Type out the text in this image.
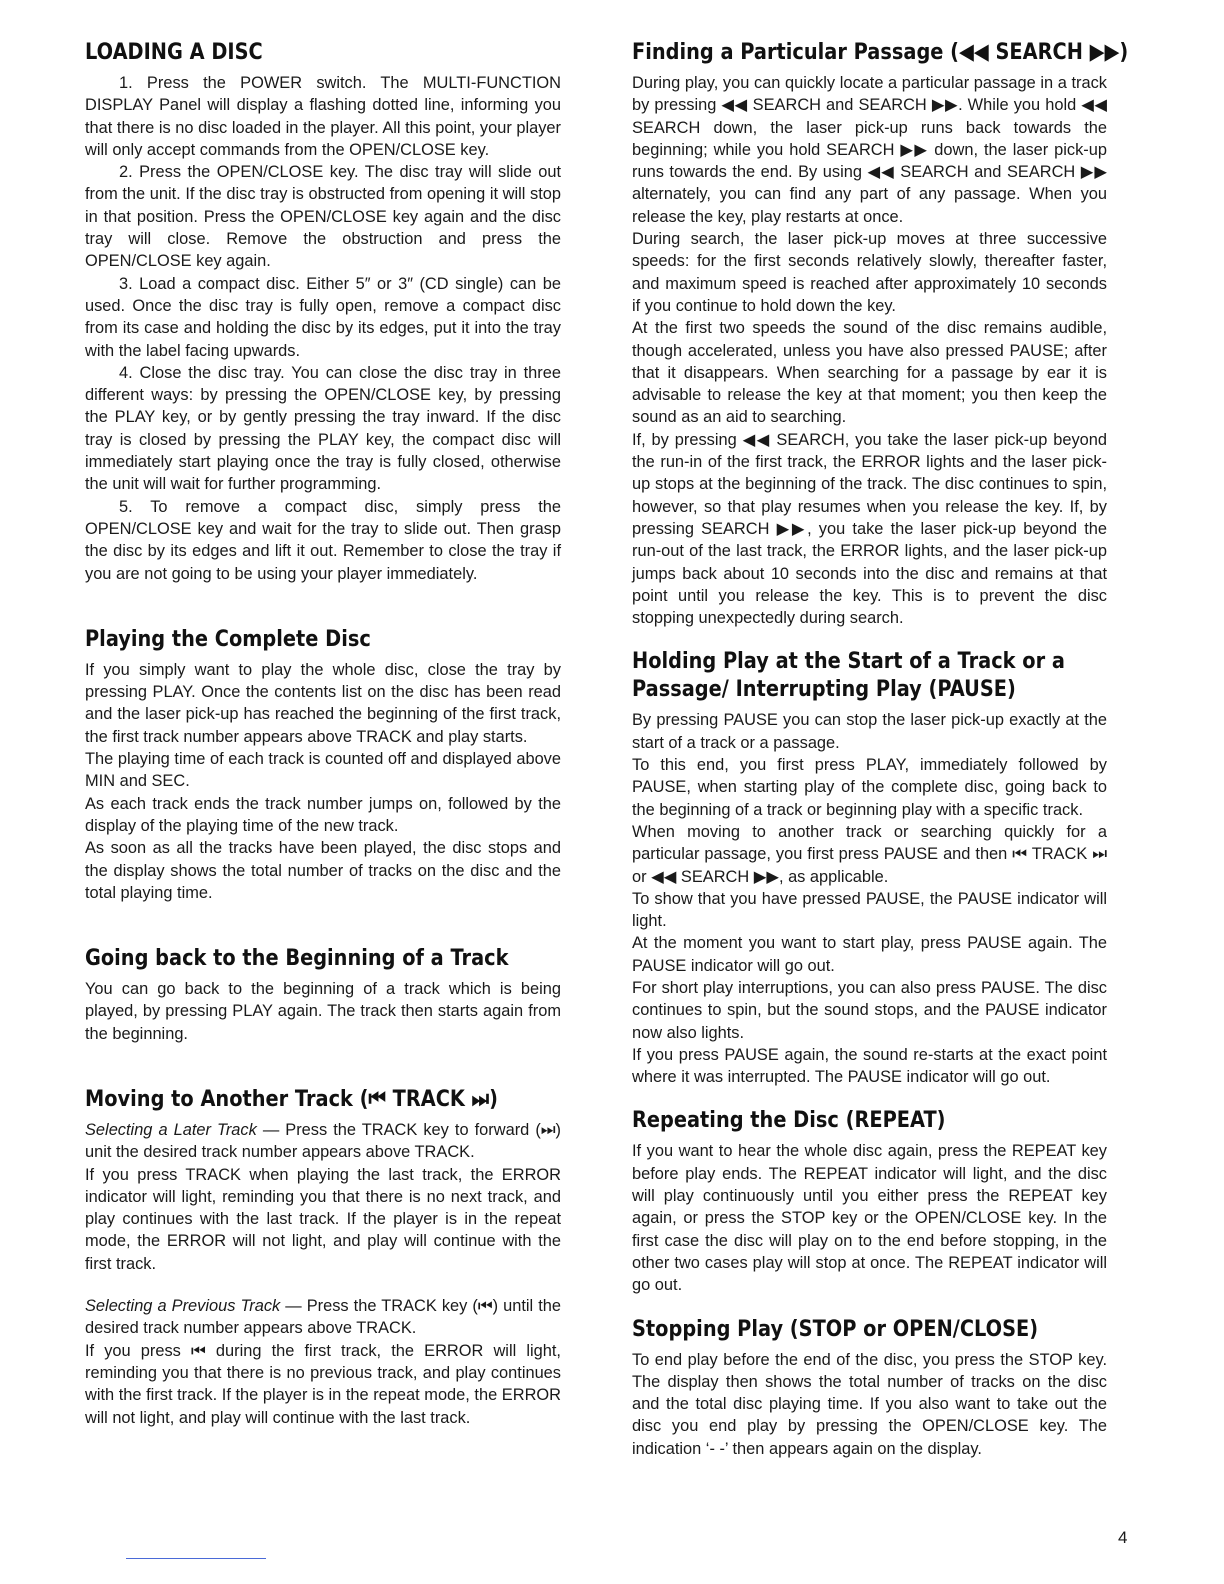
LOADING A DISC

1. Press the POWER switch. The MULTI-FUNCTION DISPLAY Panel will display a flashing dotted line, informing you that there is no disc loaded in the player. All this point, your player will only accept commands from the OPEN/CLOSE key.

2. Press the OPEN/CLOSE key. The disc tray will slide out from the unit. If the disc tray is obstructed from opening it will stop in that position. Press the OPEN/CLOSE key again and the disc tray will close. Remove the obstruction and press the OPEN/CLOSE key again.

3. Load a compact disc. Either 5″ or 3″ (CD single) can be used. Once the disc tray is fully open, remove a compact disc from its case and holding the disc by its edges, put it into the tray with the label facing upwards.

4. Close the disc tray. You can close the disc tray in three different ways: by pressing the OPEN/CLOSE key, by pressing the PLAY key, or by gently pressing the tray inward. If the disc tray is closed by pressing the PLAY key, the compact disc will immediately start playing once the tray is fully closed, otherwise the unit will wait for further programming.

5. To remove a compact disc, simply press the OPEN/CLOSE key and wait for the tray to slide out. Then grasp the disc by its edges and lift it out. Remember to close the tray if you are not going to be using your player immediately.

Playing the Complete Disc

If you simply want to play the whole disc, close the tray by pressing PLAY. Once the contents list on the disc has been read and the laser pick-up has reached the beginning of the first track, the first track number appears above TRACK and play starts.

The playing time of each track is counted off and displayed above MIN and SEC.

As each track ends the track number jumps on, followed by the display of the playing time of the new track.

As soon as all the tracks have been played, the disc stops and the display shows the total number of tracks on the disc and the total playing time.

Going back to the Beginning of a Track

You can go back to the beginning of a track which is being played, by pressing PLAY again. The track then starts again from the beginning.

Moving to Another Track (⏮ TRACK ⏭)

Selecting a Later Track — Press the TRACK key to forward (⏭) unit the desired track number appears above TRACK.

If you press TRACK when playing the last track, the ERROR indicator will light, reminding you that there is no next track, and play continues with the last track. If the player is in the repeat mode, the ERROR will not light, and play will continue with the first track.

Selecting a Previous Track — Press the TRACK key (⏮) until the desired track number appears above TRACK.

If you press ⏮ during the first track, the ERROR will light, reminding you that there is no previous track, and play continues with the first track. If the player is in the repeat mode, the ERROR will not light, and play will continue with the last track.

Finding a Particular Passage (◀◀ SEARCH ▶▶)

During play, you can quickly locate a particular passage in a track by pressing ◀◀ SEARCH and SEARCH ▶▶. While you hold ◀◀ SEARCH down, the laser pick-up runs back towards the beginning; while you hold SEARCH ▶▶ down, the laser pick-up runs towards the end. By using ◀◀ SEARCH and SEARCH ▶▶ alternately, you can find any part of any passage. When you release the key, play restarts at once.

During search, the laser pick-up moves at three successive speeds: for the first seconds relatively slowly, thereafter faster, and maximum speed is reached after approximately 10 seconds if you continue to hold down the key.

At the first two speeds the sound of the disc remains audible, though accelerated, unless you have also pressed PAUSE; after that it disappears. When searching for a passage by ear it is advisable to release the key at that moment; you then keep the sound as an aid to searching.

If, by pressing ◀◀ SEARCH, you take the laser pick-up beyond the run-in of the first track, the ERROR lights and the laser pick-up stops at the beginning of the track. The disc continues to spin, however, so that play resumes when you release the key. If, by pressing SEARCH ▶▶, you take the laser pick-up beyond the run-out of the last track, the ERROR lights, and the laser pick-up jumps back about 10 seconds into the disc and remains at that point until you release the key. This is to prevent the disc stopping unexpectedly during search.

Holding Play at the Start of a Track or a Passage/ Interrupting Play (PAUSE)

By pressing PAUSE you can stop the laser pick-up exactly at the start of a track or a passage.

To this end, you first press PLAY, immediately followed by PAUSE, when starting play of the complete disc, going back to the beginning of a track or beginning play with a specific track.

When moving to another track or searching quickly for a particular passage, you first press PAUSE and then ⏮ TRACK ⏭ or ◀◀ SEARCH ▶▶, as applicable.

To show that you have pressed PAUSE, the PAUSE indicator will light.

At the moment you want to start play, press PAUSE again. The PAUSE indicator will go out.

For short play interruptions, you can also press PAUSE. The disc continues to spin, but the sound stops, and the PAUSE indicator now also lights.

If you press PAUSE again, the sound re-starts at the exact point where it was interrupted. The PAUSE indicator will go out.

Repeating the Disc (REPEAT)

If you want to hear the whole disc again, press the REPEAT key before play ends. The REPEAT indicator will light, and the disc will play continuously until you either press the REPEAT key again, or press the STOP key or the OPEN/CLOSE key. In the first case the disc will play on to the end before stopping, in the other two cases play will stop at once. The REPEAT indicator will go out.

Stopping Play (STOP or OPEN/CLOSE)

To end play before the end of the disc, you press the STOP key. The display then shows the total number of tracks on the disc and the total disc playing time. If you also want to take out the disc you end play by pressing the OPEN/CLOSE key. The indication ‘- -’ then appears again on the display.

4
